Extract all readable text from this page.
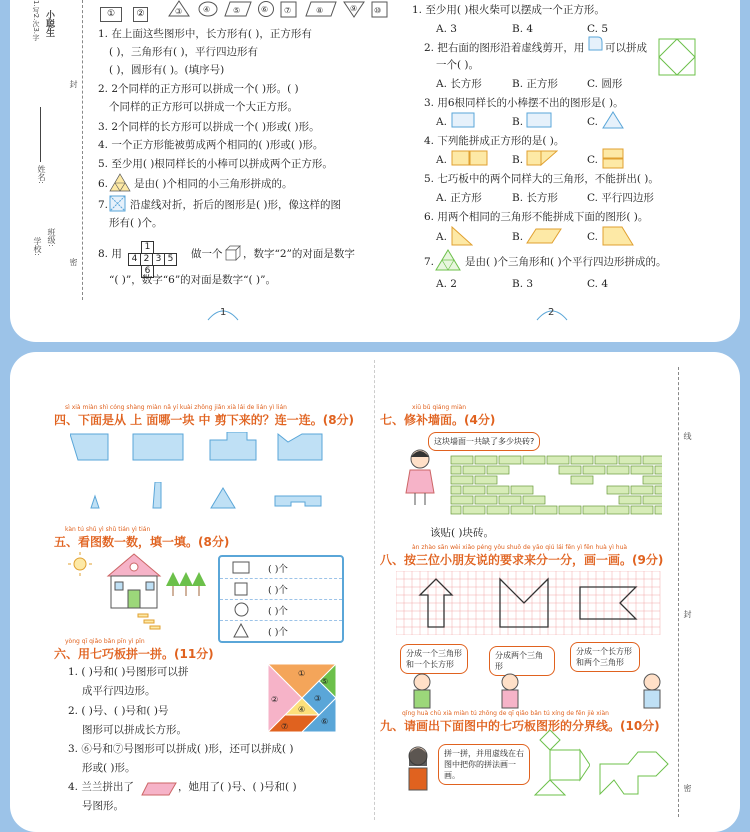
1.写2.次3.字 小聪生
封
姓名:
学校: 班级:
密
① ②	③	④	⑤	⑥ ⑦	⑧	⑨ ⑩
1. 在上面这些图形中，长方形有( )，正方形有
( )，三角形有( )，平行四边形有
( )，圆形有( )。(填序号)
2. 2个同样的正方形可以拼成一个( )形。( )
个同样的正方形可以拼成一个大正方形。
3. 2个同样的长方形可以拼成一个( )形或( )形。
4. 一个正方形能被剪成两个相同的( )形或( )形。
5. 至少用( )根同样长的小棒可以拼成两个正方形。
6. 是由( )个相同的小三角形拼成的。
7. 沿虚线对折，折后的图形是( )形，像这样的图
形有( )个。
8. 用
1
4 2 3 5
6
做一个 ，数字“2”的对面是数字
“( )”，数字“6”的对面是数字“( )”。
1
1. 至少用( )根火柴可以摆成一个正方形。
A. 3	B. 4	C. 5
2. 把右面的图形沿着虚线剪开，用 可以拼成
一个( )。
A. 长方形	B. 正方形	C. 圆形
3. 用6根同样长的小棒摆不出的图形是( )。
A.	B.	C.
4. 下列能拼成正方形的是( )。
A.	B.	C.
5. 七巧板中的两个同样大的三角形，不能拼出( )。
A. 正方形	B. 长方形	C. 平行四边形
6. 用两个相同的三角形不能拼成下面的图形( )。
A.	B.	C.
7.	是由( )个三角形和( )个平行四边形拼成的。
A. 2	B. 3	C. 4
2
线
封
密
sì xià miàn shì cóng shàng miàn nǎ yí kuài zhōng jiǎn xià lái de lián yì lián
四、下面是从 上 面哪一块 中 剪下来的？连一连。(8分)
kàn tú shǔ yì shǔ tián yì tián
五、看图数一数，填一填。(8分)
( )个
( )个
( )个
( )个
yòng qī qiǎo bǎn pīn yì pīn
六、用七巧板拼一拼。(11分)
1. ( )号和( )号图形可以拼
成平行四边形。
2. ( )号、( )号和( )号
图形可以拼成长方形。
3. ⑥号和⑦号图形可以拼成( )形，还可以拼成( )
形或( )形。
4. 兰兰拼出了	，她用了( )号、( )号和( )
号图形。
②
①
⑤
③
④
⑥
⑦
xiū bǔ qiáng miàn
七、修补墙面。(4分)
这块墙面一共缺了多少块砖?
该贴( )块砖。
àn zhào sān wèi xiǎo péng yǒu shuō de yāo qiú lái fēn yì fēn huà yì huà
八、按三位小朋友说的要求来分一分，画一画。(9分)
分成一个三角形和一个长方形
分成两个三角形
分成一个长方形和两个三角形
qǐng huà chū xià miàn tú zhōng de qī qiǎo bǎn tú xíng de fēn jiè xiàn
九、请画出下面图中的七巧板图形的分界线。(10分)
拼一拼，并用虚线在右图中把你的拼法画一画。
